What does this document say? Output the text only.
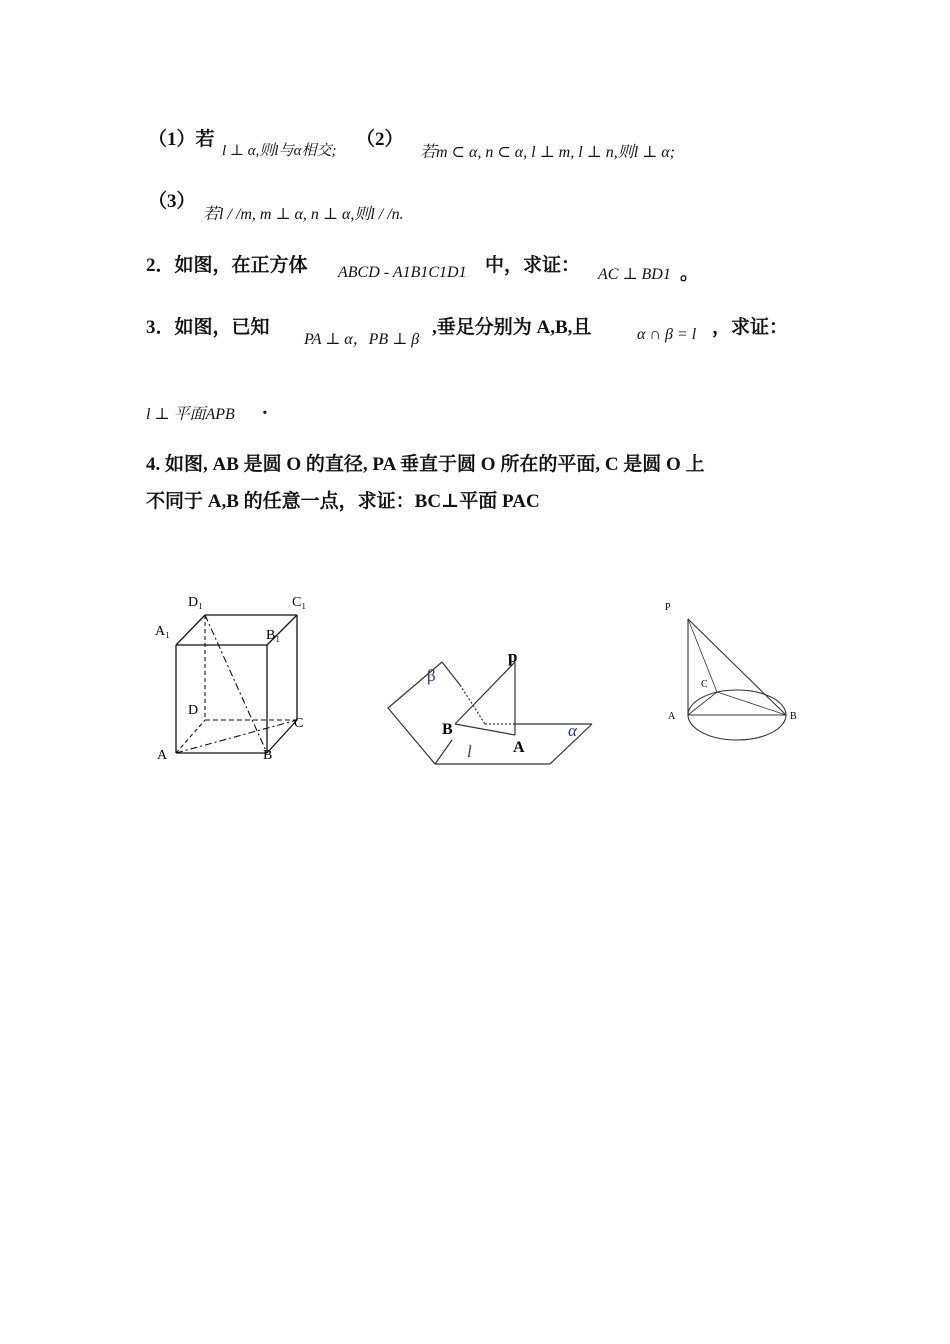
（1）若
l ⊥ α,则l与α相交;
（2）
若m ⊂ α, n ⊂ α, l ⊥ m, l ⊥ n,则l ⊥ α;
（3）
若l / /m, m ⊥ α, n ⊥ α,则l / /n.
2．如图，在正方体 ABCD - A1B1C1D1 中，求证： AC ⊥ BD1 。
3．如图，已知
PA ⊥ α，PB ⊥ β
,垂足分别为 A,B,且	α ∩ β = l ，求证：
l ⊥ 平面APB ．
4. 如图, AB 是圆 O 的直径, PA 垂直于圆 O 所在的平面, C 是圆 O 上
不同于 A,B 的任意一点，求证：BC⊥平面 PAC
D₁	C₁
A₁	B₁
D
C
A	B
p
β
B
A
α
l
P
C
A	B
